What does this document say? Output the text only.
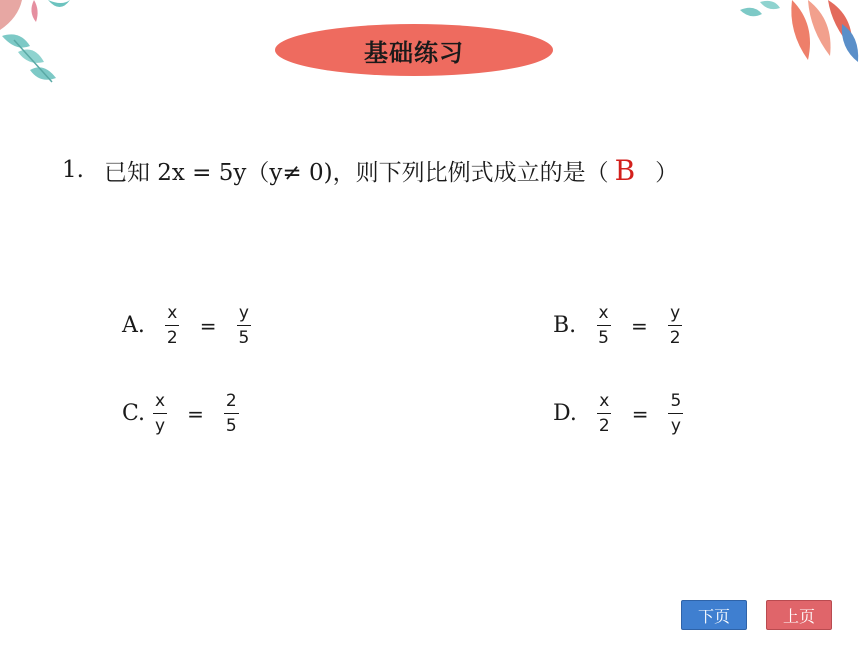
基础练习
1. 已知 2x = 5y（y≠ 0)，则下列比例式成立的是（ B ）
A. $\frac{x}{2} = \frac{y}{5}$	B. $\frac{x}{5} = \frac{y}{2}$
C. $\frac{x}{y} = \frac{2}{5}$	D. $\frac{x}{2} = \frac{5}{y}$
下页	上页
